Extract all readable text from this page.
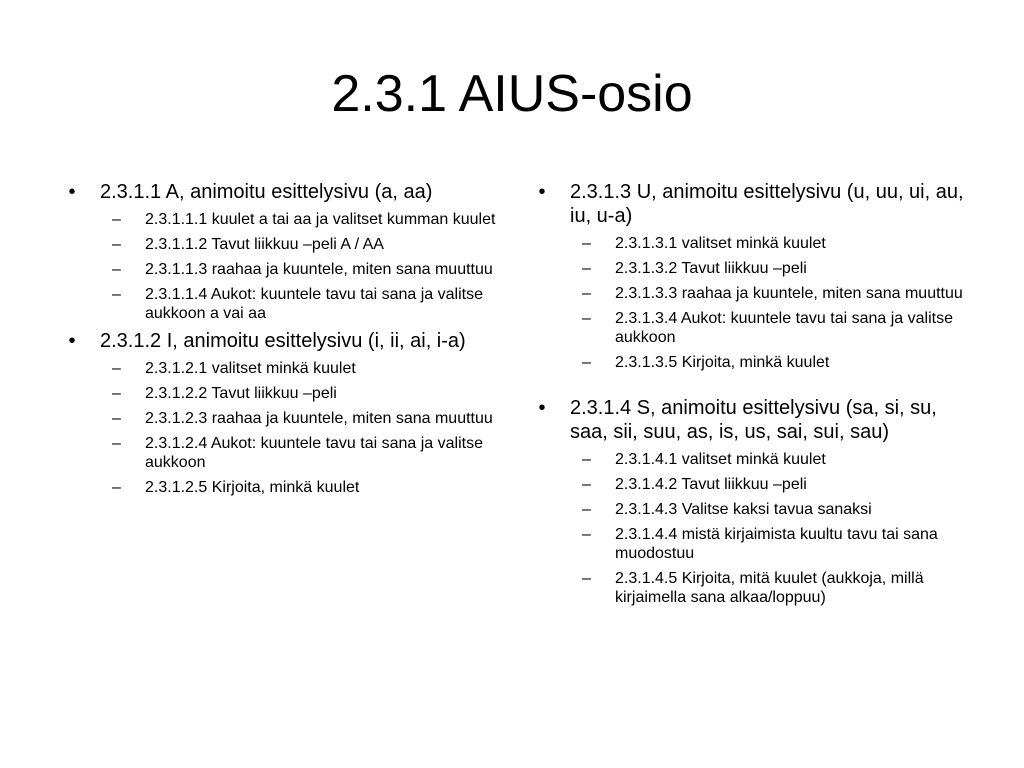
2.3.1 AIUS-osio
•	2.3.1.1 A, animoitu esittelysivu (a, aa)
– 2.3.1.1.1 kuulet a tai aa ja valitset kumman kuulet
– 2.3.1.1.2 Tavut liikkuu –peli A / AA
– 2.3.1.1.3 raahaa ja kuuntele, miten sana muuttuu
– 2.3.1.1.4 Aukot: kuuntele tavu tai sana ja valitse aukkoon a vai aa
•	2.3.1.2 I, animoitu esittelysivu (i, ii, ai, i-a)
– 2.3.1.2.1 valitset minkä kuulet
– 2.3.1.2.2 Tavut liikkuu –peli
– 2.3.1.2.3 raahaa ja kuuntele, miten sana muuttuu
– 2.3.1.2.4 Aukot: kuuntele tavu tai sana ja valitse aukkoon
– 2.3.1.2.5 Kirjoita, minkä kuulet
•	2.3.1.3 U, animoitu esittelysivu (u, uu, ui, au, iu, u-a)
– 2.3.1.3.1 valitset minkä kuulet
– 2.3.1.3.2 Tavut liikkuu –peli
– 2.3.1.3.3 raahaa ja kuuntele, miten sana muuttuu
– 2.3.1.3.4 Aukot: kuuntele tavu tai sana ja valitse aukkoon
– 2.3.1.3.5 Kirjoita, minkä kuulet
•	2.3.1.4 S, animoitu esittelysivu (sa, si, su, saa, sii, suu, as, is, us, sai, sui, sau)
– 2.3.1.4.1 valitset minkä kuulet
– 2.3.1.4.2 Tavut liikkuu –peli
– 2.3.1.4.3 Valitse kaksi tavua sanaksi
– 2.3.1.4.4 mistä kirjaimista kuultu tavu tai sana muodostuu
– 2.3.1.4.5 Kirjoita, mitä kuulet (aukkoja, millä kirjaimella sana alkaa/loppuu)
